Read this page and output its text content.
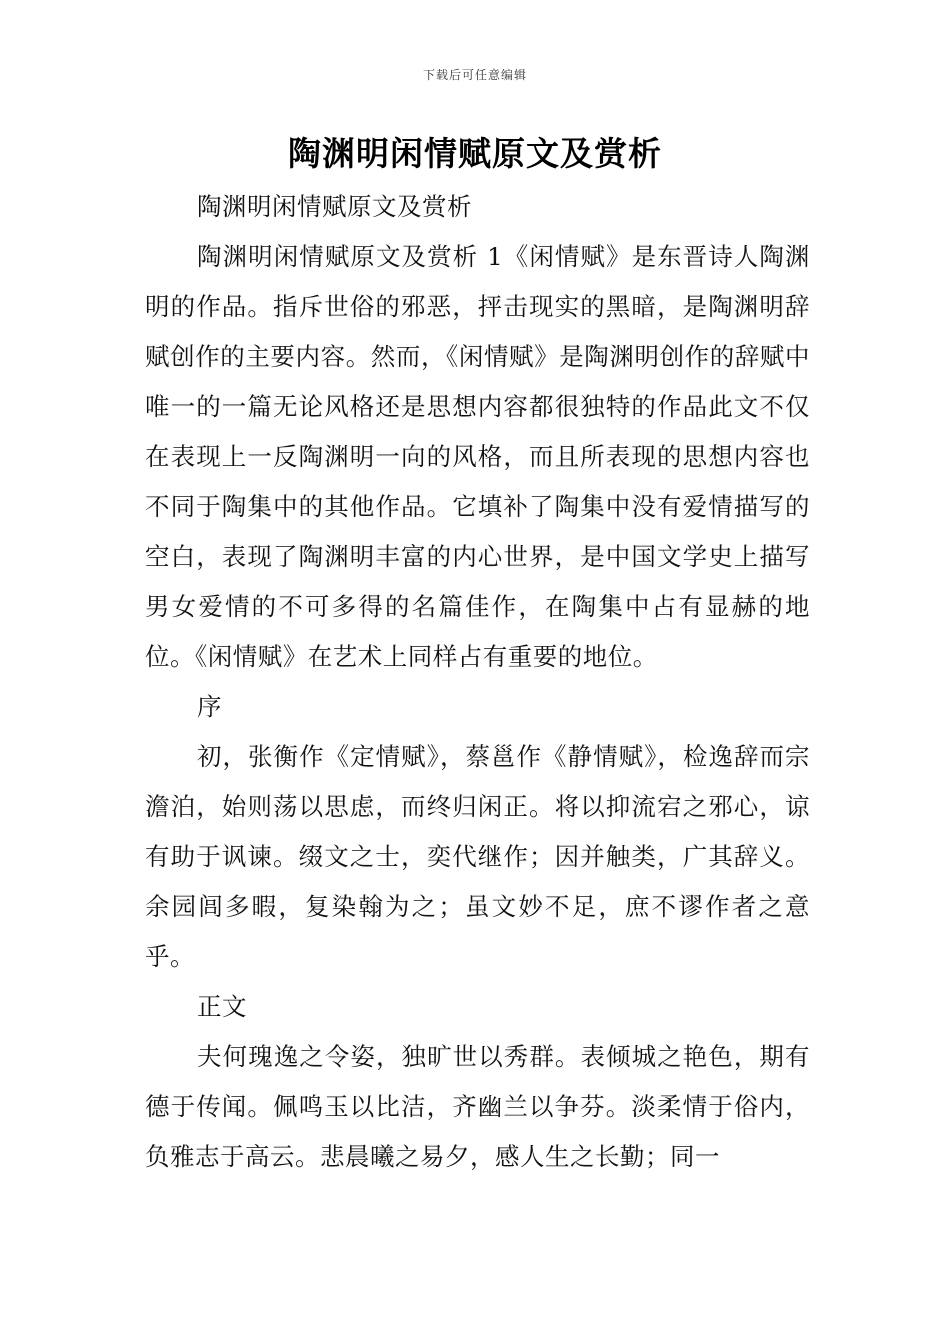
下载后可任意编辑
陶渊明闲情赋原文及赏析

陶渊明闲情赋原文及赏析

陶渊明闲情赋原文及赏析 1《闲情赋》是东晋诗人陶渊明的作品。指斥世俗的邪恶，抨击现实的黑暗，是陶渊明辞赋创作的主要内容。然而，《闲情赋》是陶渊明创作的辞赋中唯一的一篇无论风格还是思想内容都很独特的作品此文不仅在表现上一反陶渊明一向的风格，而且所表现的思想内容也不同于陶集中的其他作品。它填补了陶集中没有爱情描写的空白，表现了陶渊明丰富的内心世界，是中国文学史上描写男女爱情的不可多得的名篇佳作，在陶集中占有显赫的地位。《闲情赋》在艺术上同样占有重要的地位。

序

初，张衡作《定情赋》，蔡邕作《静情赋》，检逸辞而宗澹泊，始则荡以思虑，而终归闲正。将以抑流宕之邪心，谅有助于讽谏。缀文之士，奕代继作；因并触类，广其辞义。余园闾多暇，复染翰为之；虽文妙不足，庶不谬作者之意乎。

正文

夫何瑰逸之令姿，独旷世以秀群。表倾城之艳色，期有德于传闻。佩鸣玉以比洁，齐幽兰以争芬。淡柔情于俗内，负雅志于高云。悲晨曦之易夕，感人生之长勤；同一
